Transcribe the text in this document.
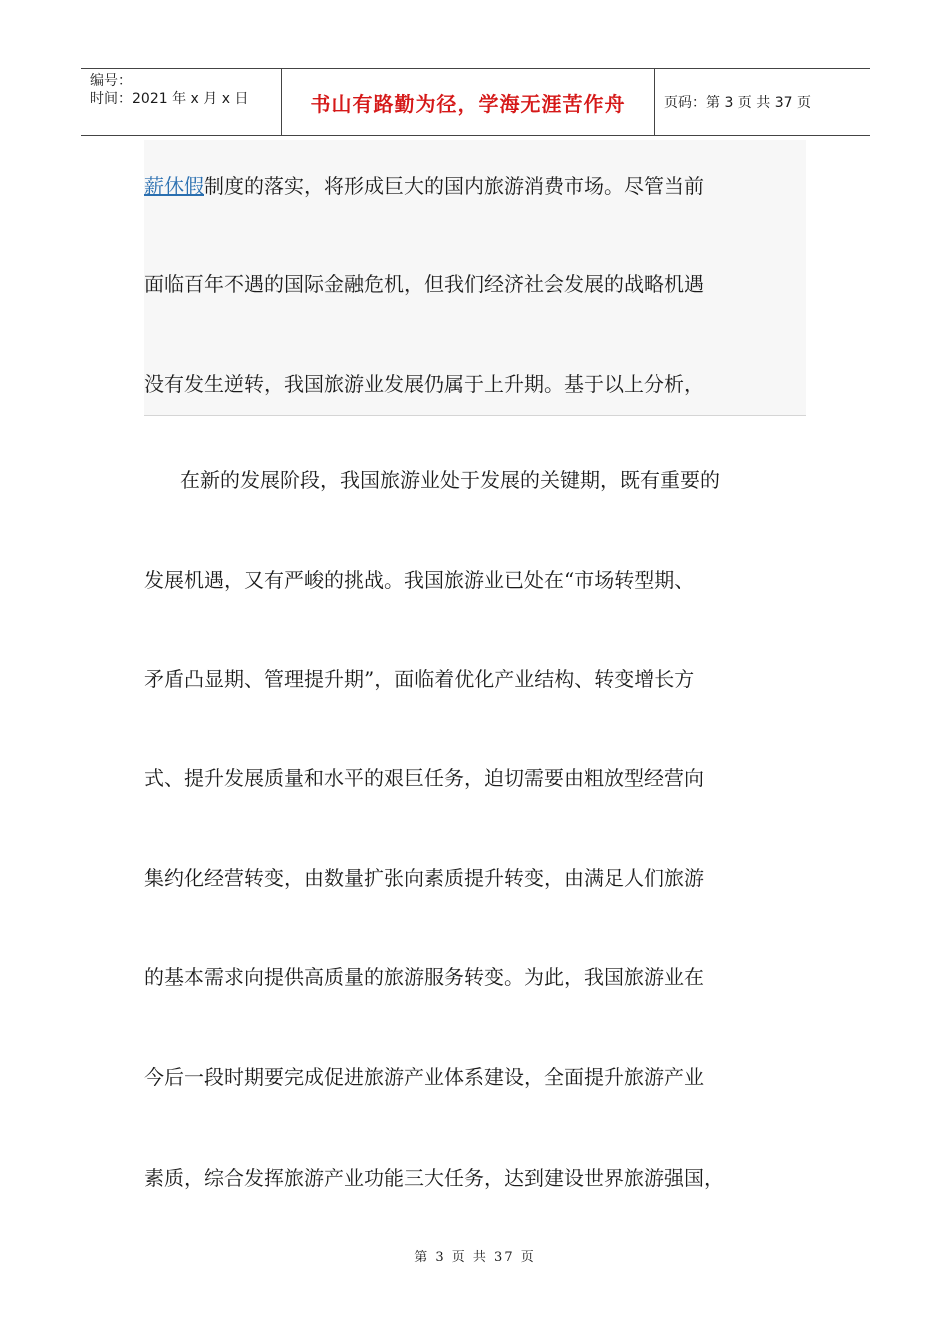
编号：
时间：2021 年 x 月 x 日	书山有路勤为径，学海无涯苦作舟	页码：第 3 页 共 37 页
薪休假制度的落实，将形成巨大的国内旅游消费市场。尽管当前
面临百年不遇的国际金融危机，但我们经济社会发展的战略机遇
没有发生逆转，我国旅游业发展仍属于上升期。基于以上分析，
在新的发展阶段，我国旅游业处于发展的关键期，既有重要的
发展机遇，又有严峻的挑战。我国旅游业已处在“市场转型期、
矛盾凸显期、管理提升期”，面临着优化产业结构、转变增长方
式、提升发展质量和水平的艰巨任务，迫切需要由粗放型经营向
集约化经营转变，由数量扩张向素质提升转变，由满足人们旅游
的基本需求向提供高质量的旅游服务转变。为此，我国旅游业在
今后一段时期要完成促进旅游产业体系建设，全面提升旅游产业
素质，综合发挥旅游产业功能三大任务，达到建设世界旅游强国，
第 3 页 共 37 页
